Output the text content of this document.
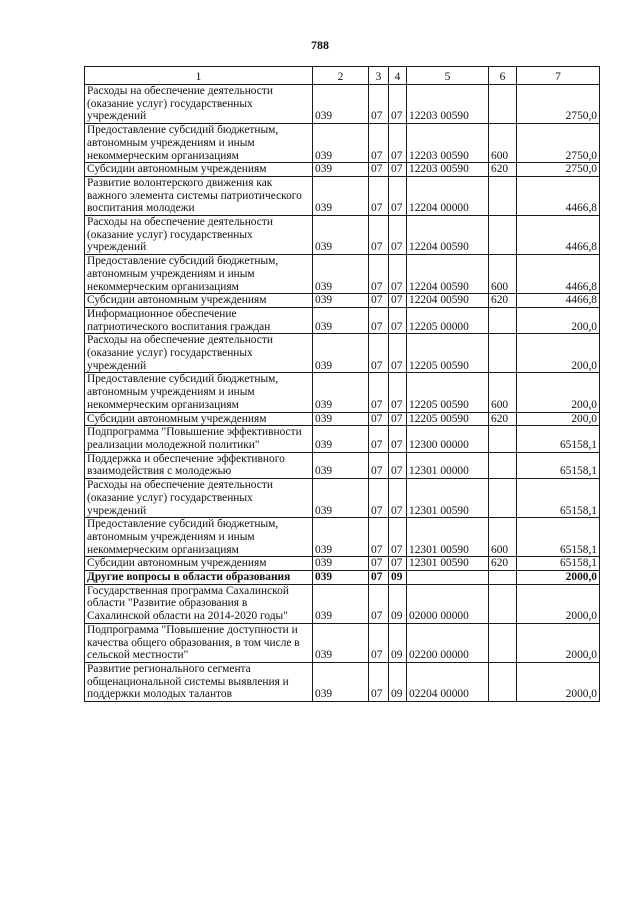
788
1	2	3	4	5	6	7
Расходы на обеспечение деятельности (оказание услуг) государственных учреждений	039	07	07	12203 00590		2750,0
Предоставление субсидий бюджетным, автономным учреждениям и иным некоммерческим организациям	039	07	07	12203 00590	600	2750,0
Субсидии автономным учреждениям	039	07	07	12203 00590	620	2750,0
Развитие волонтерского движения как важного элемента системы патриотического воспитания молодежи	039	07	07	12204 00000		4466,8
Расходы на обеспечение деятельности (оказание услуг) государственных учреждений	039	07	07	12204 00590		4466,8
Предоставление субсидий бюджетным, автономным учреждениям и иным некоммерческим организациям	039	07	07	12204 00590	600	4466,8
Субсидии автономным учреждениям	039	07	07	12204 00590	620	4466,8
Информационное обеспечение патриотического воспитания граждан	039	07	07	12205 00000		200,0
Расходы на обеспечение деятельности (оказание услуг) государственных учреждений	039	07	07	12205 00590		200,0
Предоставление субсидий бюджетным, автономным учреждениям и иным некоммерческим организациям	039	07	07	12205 00590	600	200,0
Субсидии автономным учреждениям	039	07	07	12205 00590	620	200,0
Подпрограмма "Повышение эффективности реализации молодежной политики"	039	07	07	12300 00000		65158,1
Поддержка и обеспечение эффективного взаимодействия с молодежью	039	07	07	12301 00000		65158,1
Расходы на обеспечение деятельности (оказание услуг) государственных учреждений	039	07	07	12301 00590		65158,1
Предоставление субсидий бюджетным, автономным учреждениям и иным некоммерческим организациям	039	07	07	12301 00590	600	65158,1
Субсидии автономным учреждениям	039	07	07	12301 00590	620	65158,1
Другие вопросы в области образования	039	07	09			2000,0
Государственная программа Сахалинской области "Развитие образования в Сахалинской области на 2014-2020 годы"	039	07	09	02000 00000		2000,0
Подпрограмма "Повышение доступности и качества общего образования, в том числе в сельской местности"	039	07	09	02200 00000		2000,0
Развитие регионального сегмента общенациональной системы выявления и поддержки молодых талантов	039	07	09	02204 00000		2000,0
